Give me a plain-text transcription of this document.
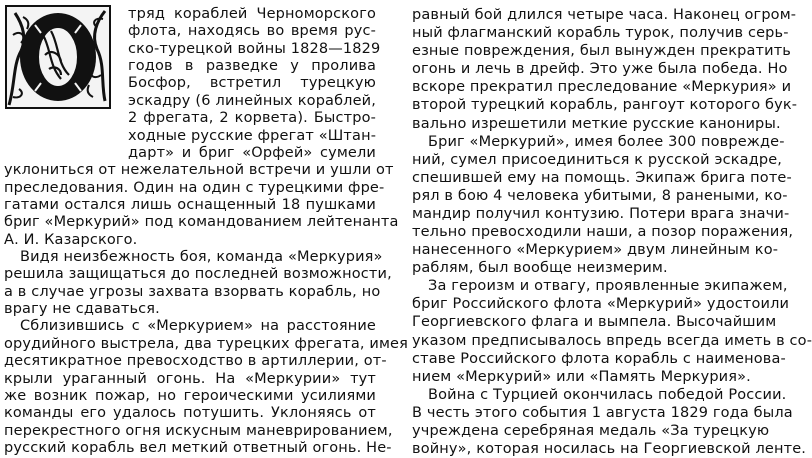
тряд кораблей Черноморского
флота, находясь во время рус-
ско-турецкой войны 1828—1829
годов в разведке у пролива
Босфор, встретил турецкую
эскадру (6 линейных кораблей,
2 фрегата, 2 корвета). Быстро-
ходные русские фрегат «Штан-
дарт» и бриг «Орфей» сумели
уклониться от нежелательной встречи и ушли от
преследования. Один на один с турецкими фре-
гатами остался лишь оснащенный 18 пушками
бриг «Меркурий» под командованием лейтенанта
А. И. Казарского.
Видя неизбежность боя, команда «Меркурия»
решила защищаться до последней возможности,
а в случае угрозы захвата взорвать корабль, но
врагу не сдаваться.
Сблизившись с «Меркурием» на расстояние
орудийного выстрела, два турецких фрегата, имея
десятикратное превосходство в артиллерии, от-
крыли ураганный огонь. На «Меркурии» тут
же возник пожар, но героическими усилиями
команды его удалось потушить. Уклоняясь от
перекрестного огня искусным маневрированием,
русский корабль вел меткий ответный огонь. Не-
равный бой длился четыре часа. Наконец огром-
ный флагманский корабль турок, получив серь-
езные повреждения, был вынужден прекратить
огонь и лечь в дрейф. Это уже была победа. Но
вскоре прекратил преследование «Меркурия» и
второй турецкий корабль, рангоут которого бук-
вально изрешетили меткие русские канониры.
Бриг «Меркурий», имея более 300 поврежде-
ний, сумел присоединиться к русской эскадре,
спешившей ему на помощь. Экипаж брига поте-
рял в бою 4 человека убитыми, 8 ранеными, ко-
мандир получил контузию. Потери врага значи-
тельно превосходили наши, а позор поражения,
нанесенного «Меркурием» двум линейным ко-
раблям, был вообще неизмерим.
За героизм и отвагу, проявленные экипажем,
бриг Российского флота «Меркурий» удостоили
Георгиевского флага и вымпела. Высочайшим
указом предписывалось впредь всегда иметь в со-
ставе Российского флота корабль с наименова-
нием «Меркурий» или «Память Меркурия».
Война с Турцией окончилась победой России.
В честь этого события 1 августа 1829 года была
учреждена серебряная медаль «За турецкую
войну», которая носилась на Георгиевской ленте.
